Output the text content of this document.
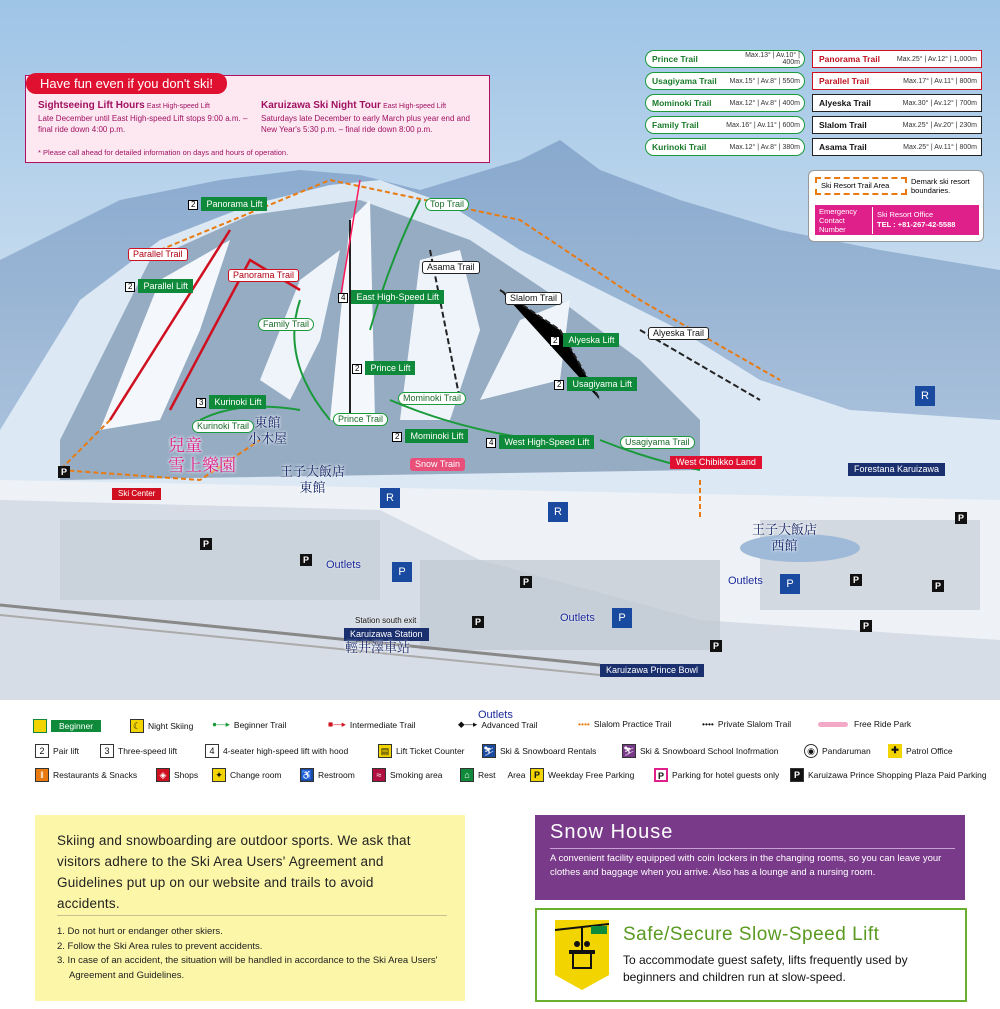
Have fun even if you don't ski!
Sightseeing Lift Hours East High-speed Lift
Late December until East High-speed Lift stops 9:00 a.m. – final ride down 4:00 p.m.
Karuizawa Ski Night Tour East High-speed Lift
Saturdays late December to early March plus year end and New Year's 5:30 p.m. – final ride down 8:00 p.m.
* Please call ahead for detailed information on days and hours of operation.
Prince Trail	Max.13° | Av.10° | 400m
Usagiyama Trail	Max.15° | Av.8° | 550m
Mominoki Trail	Max.12° | Av.8° | 400m
Family Trail	Max.16° | Av.11° | 600m
Kurinoki Trail	Max.12° | Av.8° | 380m
Panorama Trail	Max.25° | Av.12° | 1,000m
Parallel Trail	Max.17° | Av.11° | 800m
Alyeska Trail	Max.30° | Av.12° | 700m
Slalom Trail	Max.25° | Av.20° | 230m
Asama Trail	Max.25° | Av.11° | 800m
Ski Resort Trail Area	Demark ski resort boundaries.
Emergency Contact Number
Ski Resort Office
TEL : +81-267-42-5588
Top Trail
2 Panorama Lift
Parallel Trail
Panorama Trail
2 Parallel Lift
Asama Trail
Slalom Trail
4 East High-Speed Lift
Family Trail
Alyeska Trail
2 Alyeska Lift
2 Prince Lift
2 Usagiyama Lift
Mominoki Trail
3 Kurinoki Lift
Kurinoki Trail
Prince Trail
2 Mominoki Lift
4 West High-Speed Lift	Usagiyama Trail
Snow Train	West Chibikko Land
Forestana Karuizawa
Ski Center
Station south exit
Karuizawa Station
Karuizawa Prince Bowl
東館
小木屋
兒童
雪上樂園	王子大飯店
東館
王子大飯店
西館
輕井澤車站
Outlets
Outlets
Outlets
P
P
P
R
R
R
P
P
P
P
P
P
P
P
P
P
Outlets
Beginner	☾ Night Skiing ●—▸ Beginner Trail	■—▸ Intermediate Trail	◆—▸ Advanced Trail	•••• Slalom Practice Trail	•••• Private Slalom Trail	Free Ride Park
2	Pair lift	3	Three-speed lift	4	4-seater high-speed lift with hood	▤ Lift Ticket Counter ⛷ Ski & Snowboard Rentals	⛷ Ski & Snowboard School Inofrmation	◉ Pandaruman	✚ Patrol Office
ǁ	Restaurants & Snacks	◈ Shops	✦ Change room ♿ Restroom	≈	Smoking area	⌂ Rest Area P Weekday Free Parking	P Parking for hotel guests only	P Karuizawa Prince Shopping Plaza Paid Parking
Skiing and snowboarding are outdoor sports. We ask that visitors adhere to the Ski Area Users' Agreement and Guidelines put up on our website and trails to avoid accidents.
1. Do not hurt or endanger other skiers.
2. Follow the Ski Area rules to prevent accidents.
3. In case of an accident, the situation will be handled in accordance to the Ski Area Users' Agreement and Guidelines.
Snow House
A convenient facility equipped with coin lockers in the changing rooms, so you can leave your clothes and baggage when you arrive. Also has a lounge and a nursing room.
Safe/Secure Slow-Speed Lift
To accommodate guest safety, lifts frequently used by beginners and children run at slow-speed.
